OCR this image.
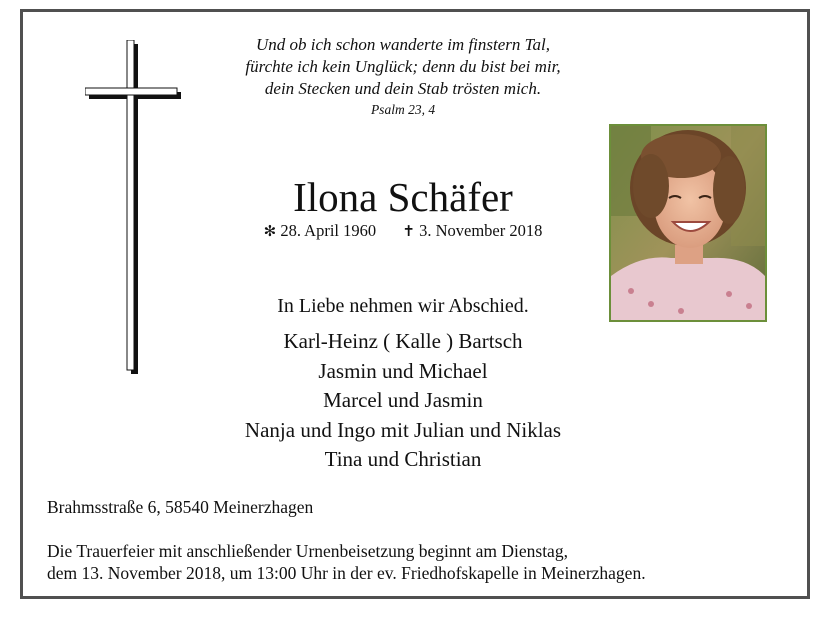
Und ob ich schon wanderte im finstern Tal,
fürchte ich kein Unglück; denn du bist bei mir,
dein Stecken und dein Stab trösten mich.
Psalm 23, 4
Ilona Schäfer
✻ 28. April 1960 ✝ 3. November 2018
In Liebe nehmen wir Abschied.
Karl-Heinz ( Kalle ) Bartsch
Jasmin und Michael
Marcel und Jasmin
Nanja und Ingo mit Julian und Niklas
Tina und Christian
Brahmsstraße 6, 58540 Meinerzhagen
Die Trauerfeier mit anschließender Urnenbeisetzung beginnt am Dienstag,
dem 13. November 2018, um 13:00 Uhr in der ev. Friedhofskapelle in Meinerzhagen.
